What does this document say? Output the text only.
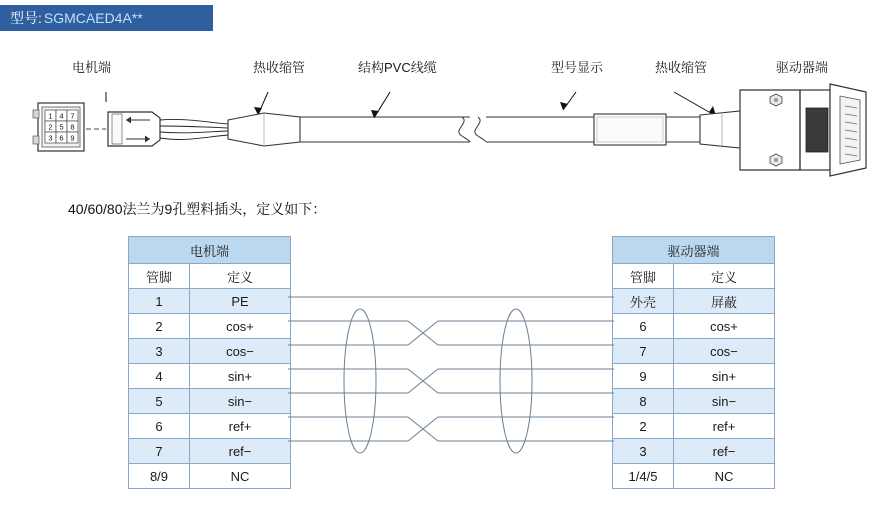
型号: SGMCAED4A**
电机端	热收缩管	结构PVC线缆	型号显示	热收缩管	驱动器端
1 4 7
2 5 8
3 6 9
40/60/80法兰为9孔塑料插头，定义如下：
电机端	
管脚	定义
1	PE
2	cos+
3	cos−
4	sin+
5	sin−
6	ref+
7	ref−
8/9	NC
驱动器端	
管脚	定义
外壳	屏蔽
6	cos+
7	cos−
9	sin+
8	sin−
2	ref+
3	ref−
1/4/5	NC
